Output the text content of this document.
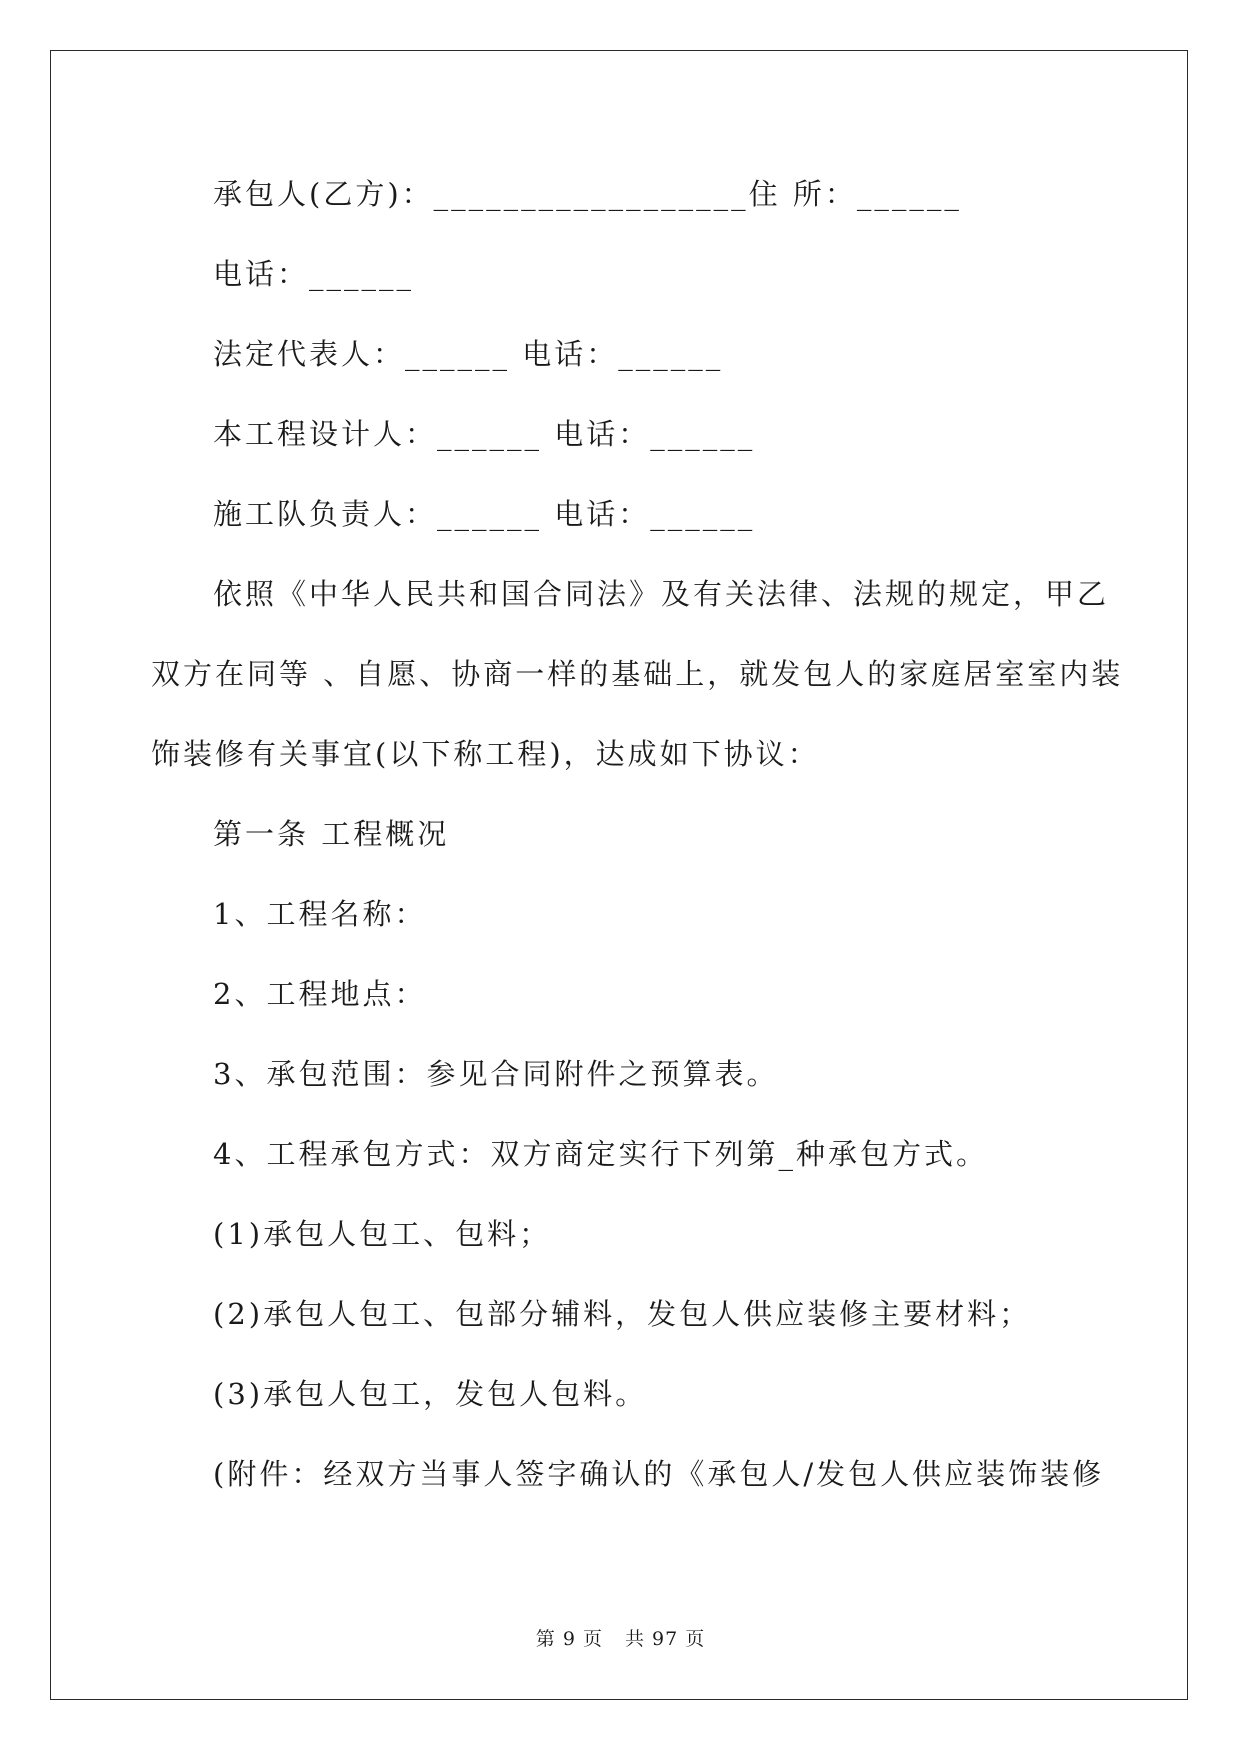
承包人(乙方)：__________________住 所：______
电话：______
法定代表人：______ 电话：______
本工程设计人：______ 电话：______
施工队负责人：______ 电话：______
依照《中华人民共和国合同法》及有关法律、法规的规定，甲乙
双方在同等 、自愿、协商一样的基础上，就发包人的家庭居室室内装
饰装修有关事宜(以下称工程)，达成如下协议：
第一条 工程概况
1、工程名称：
2、工程地点：
3、承包范围：参见合同附件之预算表。
4、工程承包方式：双方商定实行下列第_种承包方式。
(1)承包人包工、包料；
(2)承包人包工、包部分辅料，发包人供应装修主要材料；
(3)承包人包工，发包人包料。
(附件：经双方当事人签字确认的《承包人/发包人供应装饰装修
第 9 页 共 97 页
